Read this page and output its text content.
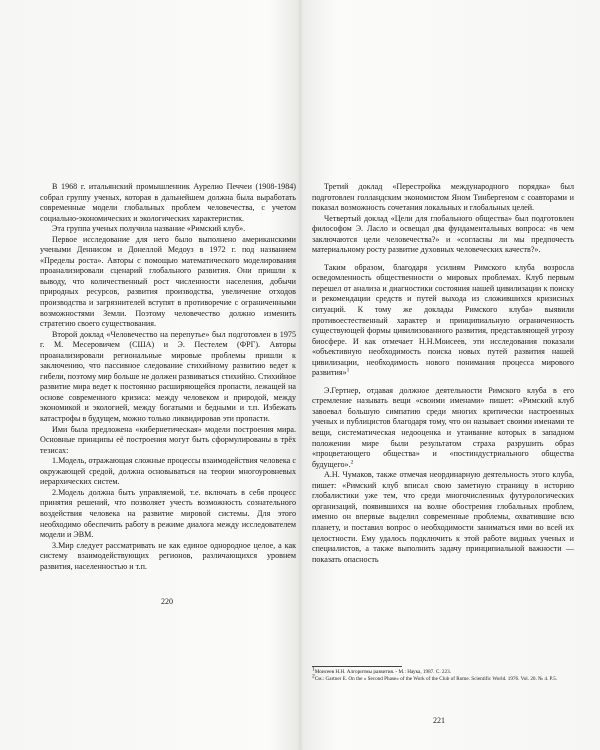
В 1968 г. итальянский промышленник Аурелио Печчеи (1908-1984) собрал группу ученых, которая в дальнейшем должна была выработать современные модели глобальных проблем человечества, с учетом социально-экономических и экологических характеристик.

Эта группа ученых получила название «Римский клуб».

Первое исследование для него было выполнено американскими учеными Деннисом и Донеллой Медоуз в 1972 г. под названием «Пределы роста». Авторы с помощью математического моделирования проанализировали сценарий глобального развития. Они пришли к выводу, что количественный рост численности населения, добычи природных ресурсов, развития производства, увеличение отходов производства и загрязнителей вступят в противоречие с ограниченными возможностями Земли. Поэтому человечество должно изменить стратегию своего существования.

Второй доклад «Человечество на перепутье» был подготовлен в 1975 г. М. Месеровичем (США) и Э. Пестелем (ФРГ). Авторы проанализировали региональные мировые проблемы пришли к заключению, что пассивное следование стихийному развитию ведет к гибели, поэтому мир больше не должен развиваться стихийно. Стихийное развитие мира ведет к постоянно расширяющейся пропасти, лежащей на основе современного кризиса: между человеком и природой, между экономикой и экологией, между богатыми и бедными и т.п. Избежать катастрофы в будущем, можно только ликвидировав эти пропасти.

Ими была предложена «кибернетическая» модели построения мира. Основные принципы её построения могут быть сформулированы в трёх тезисах:

1.Модель, отражающая сложные процессы взаимодействия человека с окружающей средой, должна основываться на теории многоуровневых иерархических систем.

2.Модель должна быть управляемой, т.е. включать в себя процесс принятия решений, что позволяет учесть возможность сознательного воздействия человека на развитие мировой системы. Для этого необходимо обеспечить работу в режиме диалога между исследователем модели и ЭВМ.

3.Мир следует рассматривать не как единое однородное целое, а как систему взаимодействующих регионов, различающихся уровнем развития, населенностью и т.п.

220

Третий доклад «Перестройка международного порядка» был подготовлен голландским экономистом Яном Тинбергеном с соавторами и показал возможность сочетания локальных и глобальных целей.

Четвертый доклад «Цели для глобального общества» был подготовлен философом Э. Ласло и освещал два фундаментальных вопроса: «в чем заключаются цели человечества?» и «согласны ли мы предпочесть материальному росту развитие духовных человеческих качеств?».

Таким образом, благодаря усилиям Римского клуба возросла осведомленность общественности о мировых проблемах. Клуб первым перешел от анализа и диагностики состояния нашей цивилизации к поиску и рекомендации средств и путей выхода из сложившихся кризисных ситуаций. К тому же доклады Римского клуба» выявили противоестественный характер и принципиальную ограниченность существующей формы цивилизованного развития, представляющей угрозу биосфере. И как отмечает Н.Н.Моисеев, эти исследования показали «объективную необходимость поиска новых путей развития нашей цивилизации, необходимость нового понимания процесса мирового развития»$^1$

Э.Гертнер, отдавая должное деятельности Римского клуба в его стремление называть вещи «своими именами» пишет: «Римский клуб завоевал большую симпатию среди многих критически настроенных ученых и публицистов благодаря тому, что он называет своими именами те вещи, систематическая недооценка и утаивание которых в западном положении мире были результатом страха разрушить образ «процветающего общества» и «постиндустриального общества будущего».$^2$

А.Н. Чумаков, также отмечая неординарную деятельность этого клуба, пишет: «Римский клуб вписал свою заметную страницу в историю глобалистики уже тем, что среди многочисленных футурологических организаций, появившихся на волне обострения глобальных проблем, именно он впервые выделил современные проблемы, охватившие всю планету, и поставил вопрос о необходимости заниматься ими во всей их целостности. Ему удалось подключить к этой работе видных ученых и специалистов, а также выполнить задачу принципиальной важности — показать опасность

$^1$Моисеев Н.Н. Алгоритмы развития. - М.: Наука, 1987. С. 223.

$^2$См.: Gartner E. On the « Second Phase» of the Work of the Club of Rome. Scientific World. 1976. Vol. 20. № 4. P.5.

221
